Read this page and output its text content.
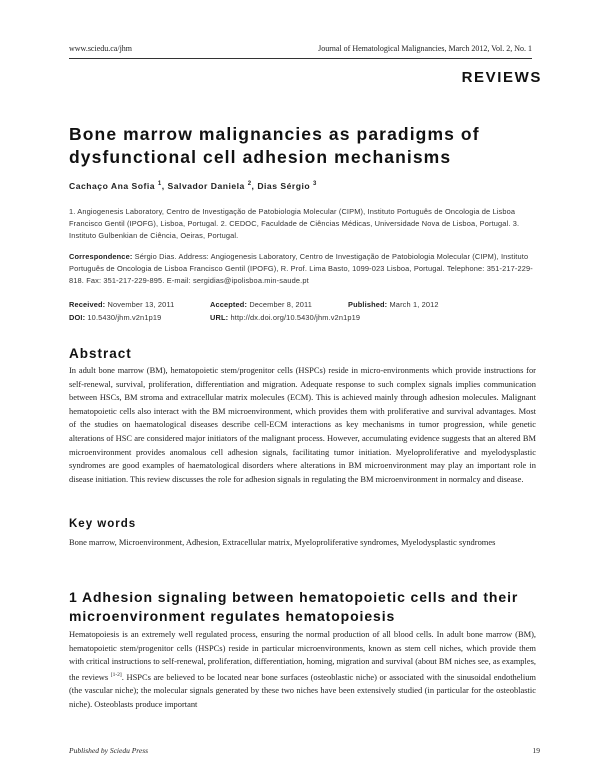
www.sciedu.ca/jhm	Journal of Hematological Malignancies, March 2012, Vol. 2, No. 1
REVIEWS
Bone marrow malignancies as paradigms of
dysfunctional cell adhesion mechanisms
Cachaço Ana Sofia $^1$, Salvador Daniela $^2$, Dias Sérgio $^3$
1. Angiogenesis Laboratory, Centro de Investigação de Patobiologia Molecular (CIPM), Instituto Português de Oncologia de Lisboa Francisco Gentil (IPOFG), Lisboa, Portugal. 2. CEDOC, Faculdade de Ciências Médicas, Universidade Nova de Lisboa, Portugal. 3. Instituto Gulbenkian de Ciência, Oeiras, Portugal.
Correspondence: Sérgio Dias. Address: Angiogenesis Laboratory, Centro de Investigação de Patobiologia Molecular (CIPM), Instituto Português de Oncologia de Lisboa Francisco Gentil (IPOFG), R. Prof. Lima Basto, 1099-023 Lisboa, Portugal. Telephone: 351-217-229-818. Fax: 351-217-229-895. E-mail: sergidias@ipolisboa.min-saude.pt
Received: November 13, 2011	Accepted: December 8, 2011	Published: March 1, 2012
DOI: 10.5430/jhm.v2n1p19	URL: http://dx.doi.org/10.5430/jhm.v2n1p19
Abstract
In adult bone marrow (BM), hematopoietic stem/progenitor cells (HSPCs) reside in micro-environments which provide instructions for self-renewal, survival, proliferation, differentiation and migration. Adequate response to such complex signals implies communication between HSCs, BM stroma and extracellular matrix molecules (ECM). This is achieved mainly through adhesion molecules. Malignant hematopoietic cells also interact with the BM microenvironment, which provides them with proliferative and survival advantages. Most of the studies on haematological diseases describe cell-ECM interactions as key mechanisms in tumor progression, while genetic alterations of HSC are considered major initiators of the malignant process. However, accumulating evidence suggests that an altered BM microenvironment provides anomalous cell adhesion signals, facilitating tumor initiation. Myeloproliferative and myelodysplastic syndromes are good examples of haematological disorders where alterations in BM microenvironment may play an important role in disease initiation. This review discusses the role for adhesion signals in regulating the BM microenvironment in normalcy and disease.
Key words
Bone marrow, Microenvironment, Adhesion, Extracellular matrix, Myeloproliferative syndromes, Myelodysplastic syndromes
1 Adhesion signaling between hematopoietic cells and their
microenvironment regulates hematopoiesis
Hematopoiesis is an extremely well regulated process, ensuring the normal production of all blood cells. In adult bone marrow (BM), hematopoietic stem/progenitor cells (HSPCs) reside in particular microenvironments, known as stem cell niches, which provide them with critical instructions to self-renewal, proliferation, differentiation, homing, migration and survival (about BM niches see, as examples, the reviews [1-2]. HSPCs are believed to be located near bone surfaces (osteoblastic niche) or associated with the sinusoidal endothelium (the vascular niche); the molecular signals generated by these two niches have been extensively studied (in particular for the osteoblastic niche). Osteoblasts produce important
Published by Sciedu Press	19
